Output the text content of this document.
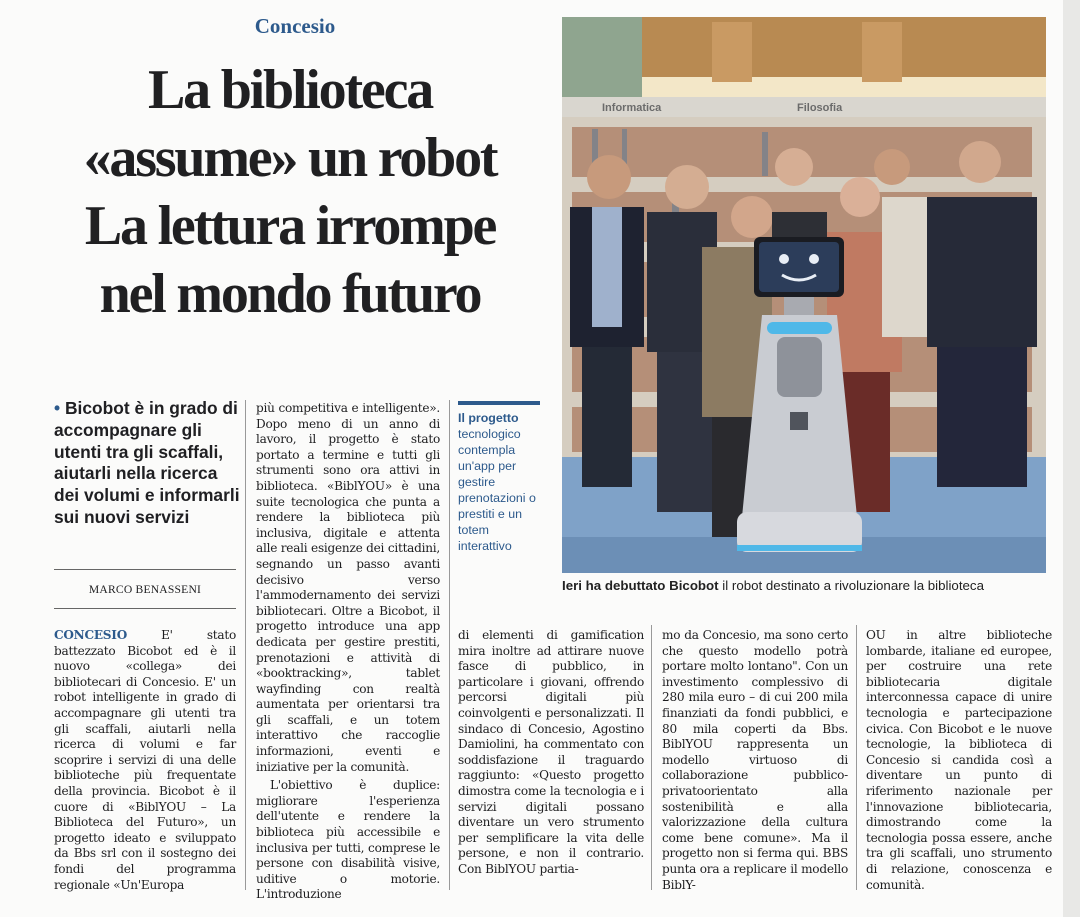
Concesio
La biblioteca
«assume» un robot
La lettura irrompe
nel mondo futuro
Informatica	Filosofia
Ieri ha debuttato Bicobot il robot destinato a rivoluzionare la biblioteca
• Bicobot è in grado di accompagnare gli utenti tra gli scaffali, aiutarli nella ricerca dei volumi e informarli sui nuovi servizi
MARCO BENASSENI
CONCESIO E' stato battezzato Bicobot ed è il nuovo «collega» dei bibliotecari di Concesio. E' un robot intelligente in grado di accompagnare gli utenti tra gli scaffali, aiutarli nella ricerca di volumi e far scoprire i servizi di una delle biblioteche più frequentate della provincia. Bicobot è il cuore di «BiblYOU – La Biblioteca del Futuro», un progetto ideato e sviluppato da Bbs srl con il sostegno dei fondi del programma regionale «Un'Europa
più competitiva e intelligente». Dopo meno di un anno di lavoro, il progetto è stato portato a termine e tutti gli strumenti sono ora attivi in biblioteca. «BiblYOU» è una suite tecnologica che punta a rendere la biblioteca più inclusiva, digitale e attenta alle reali esigenze dei cittadini, segnando un passo avanti decisivo verso l'ammodernamento dei servizi bibliotecari. Oltre a Bicobot, il progetto introduce una app dedicata per gestire prestiti, prenotazioni e attività di «booktracking», tablet wayfinding con realtà aumentata per orientarsi tra gli scaffali, e un totem interattivo che raccoglie informazioni, eventi e iniziative per la comunità.
L'obiettivo è duplice: migliorare l'esperienza dell'utente e rendere la biblioteca più accessibile e inclusiva per tutti, comprese le persone con disabilità visive, uditive o motorie. L'introduzione
Il progetto tecnologico contempla un'app per gestire prenotazioni o prestiti e un totem interattivo
di elementi di gamification mira inoltre ad attirare nuove fasce di pubblico, in particolare i giovani, offrendo percorsi digitali più coinvolgenti e personalizzati. Il sindaco di Concesio, Agostino Damiolini, ha commentato con soddisfazione il traguardo raggiunto: «Questo progetto dimostra come la tecnologia e i servizi digitali possano diventare un vero strumento per semplificare la vita delle persone, e non il contrario. Con BiblYOU partia-
mo da Concesio, ma sono certo che questo modello potrà portare molto lontano". Con un investimento complessivo di 280 mila euro – di cui 200 mila finanziati da fondi pubblici, e 80 mila coperti da Bbs. BiblYOU rappresenta un modello virtuoso di collaborazione pubblico-privatoorientato alla sostenibilità e alla valorizzazione della cultura come bene comune». Ma il progetto non si ferma qui. BBS punta ora a replicare il modello BiblY-
OU in altre biblioteche lombarde, italiane ed europee, per costruire una rete bibliotecaria digitale interconnessa capace di unire tecnologia e partecipazione civica. Con Bicobot e le nuove tecnologie, la biblioteca di Concesio si candida così a diventare un punto di riferimento nazionale per l'innovazione bibliotecaria, dimostrando come la tecnologia possa essere, anche tra gli scaffali, uno strumento di relazione, conoscenza e comunità.
